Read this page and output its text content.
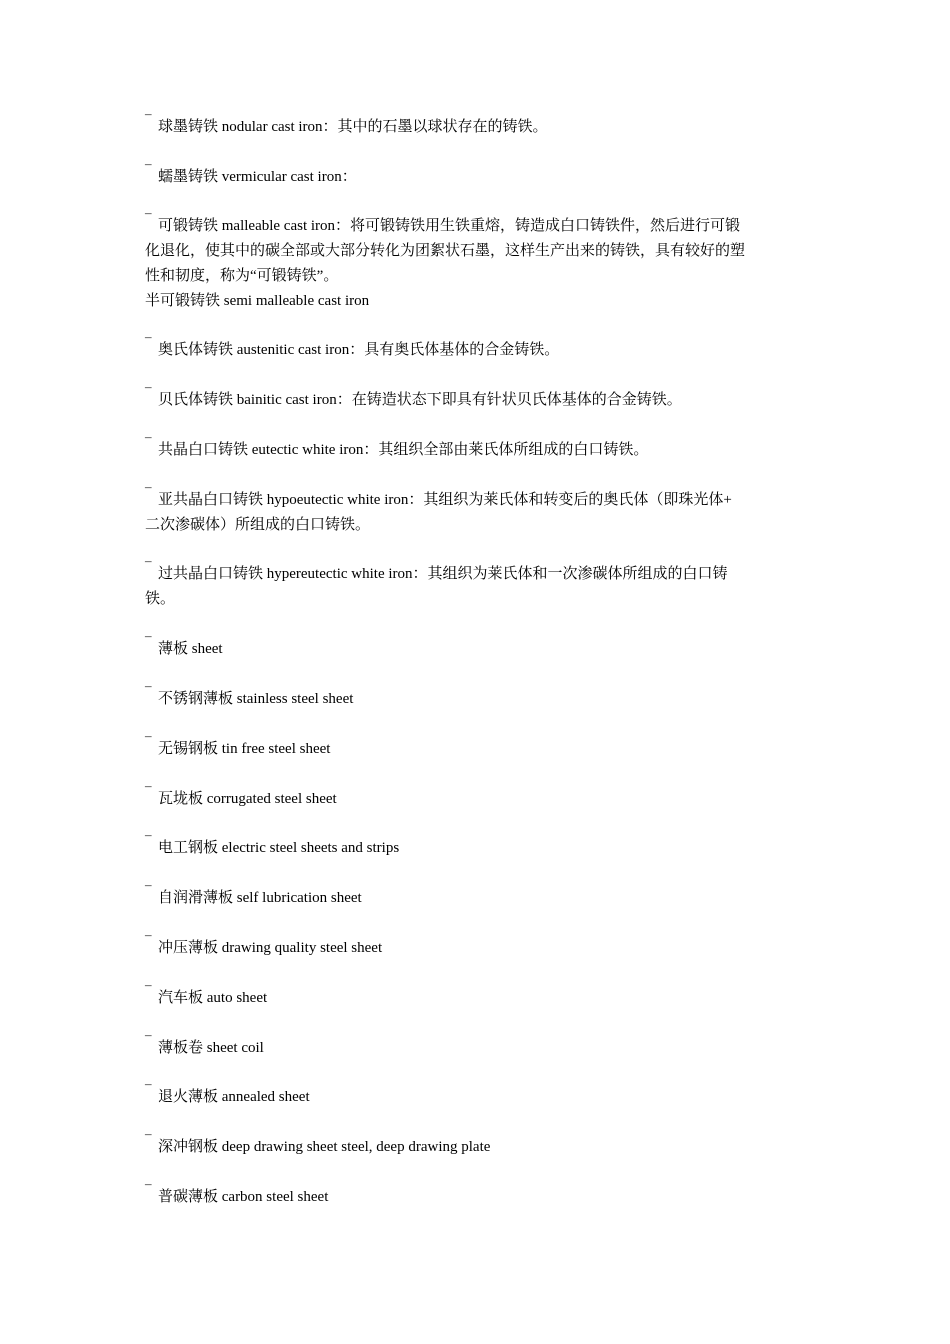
¯ 球墨铸铁 nodular cast iron：其中的石墨以球状存在的铸铁。
¯ 蠕墨铸铁 vermicular cast iron：
¯ 可锻铸铁 malleable cast iron：将可锻铸铁用生铁重熔，铸造成白口铸铁件，然后进行可锻
化退化，使其中的碳全部或大部分转化为团絮状石墨，这样生产出来的铸铁，具有较好的塑
性和韧度，称为“可锻铸铁”。
半可锻铸铁 semi malleable cast iron
¯ 奥氏体铸铁 austenitic cast iron：具有奥氏体基体的合金铸铁。
¯ 贝氏体铸铁 bainitic cast iron：在铸造状态下即具有针状贝氏体基体的合金铸铁。
¯ 共晶白口铸铁 eutectic white iron：其组织全部由莱氏体所组成的白口铸铁。
¯ 亚共晶白口铸铁 hypoeutectic white iron：其组织为莱氏体和转变后的奥氏体（即珠光体+
二次渗碳体）所组成的白口铸铁。
¯ 过共晶白口铸铁 hypereutectic white iron：其组织为莱氏体和一次渗碳体所组成的白口铸
铁。
¯ 薄板 sheet
¯ 不锈钢薄板 stainless steel sheet
¯ 无锡钢板 tin free steel sheet
¯ 瓦垅板 corrugated steel sheet
¯ 电工钢板 electric steel sheets and strips
¯ 自润滑薄板 self lubrication sheet
¯ 冲压薄板 drawing quality steel sheet
¯ 汽车板 auto sheet
¯ 薄板卷 sheet coil
¯ 退火薄板 annealed sheet
¯ 深冲钢板 deep drawing sheet steel, deep drawing plate
¯ 普碳薄板 carbon steel sheet
